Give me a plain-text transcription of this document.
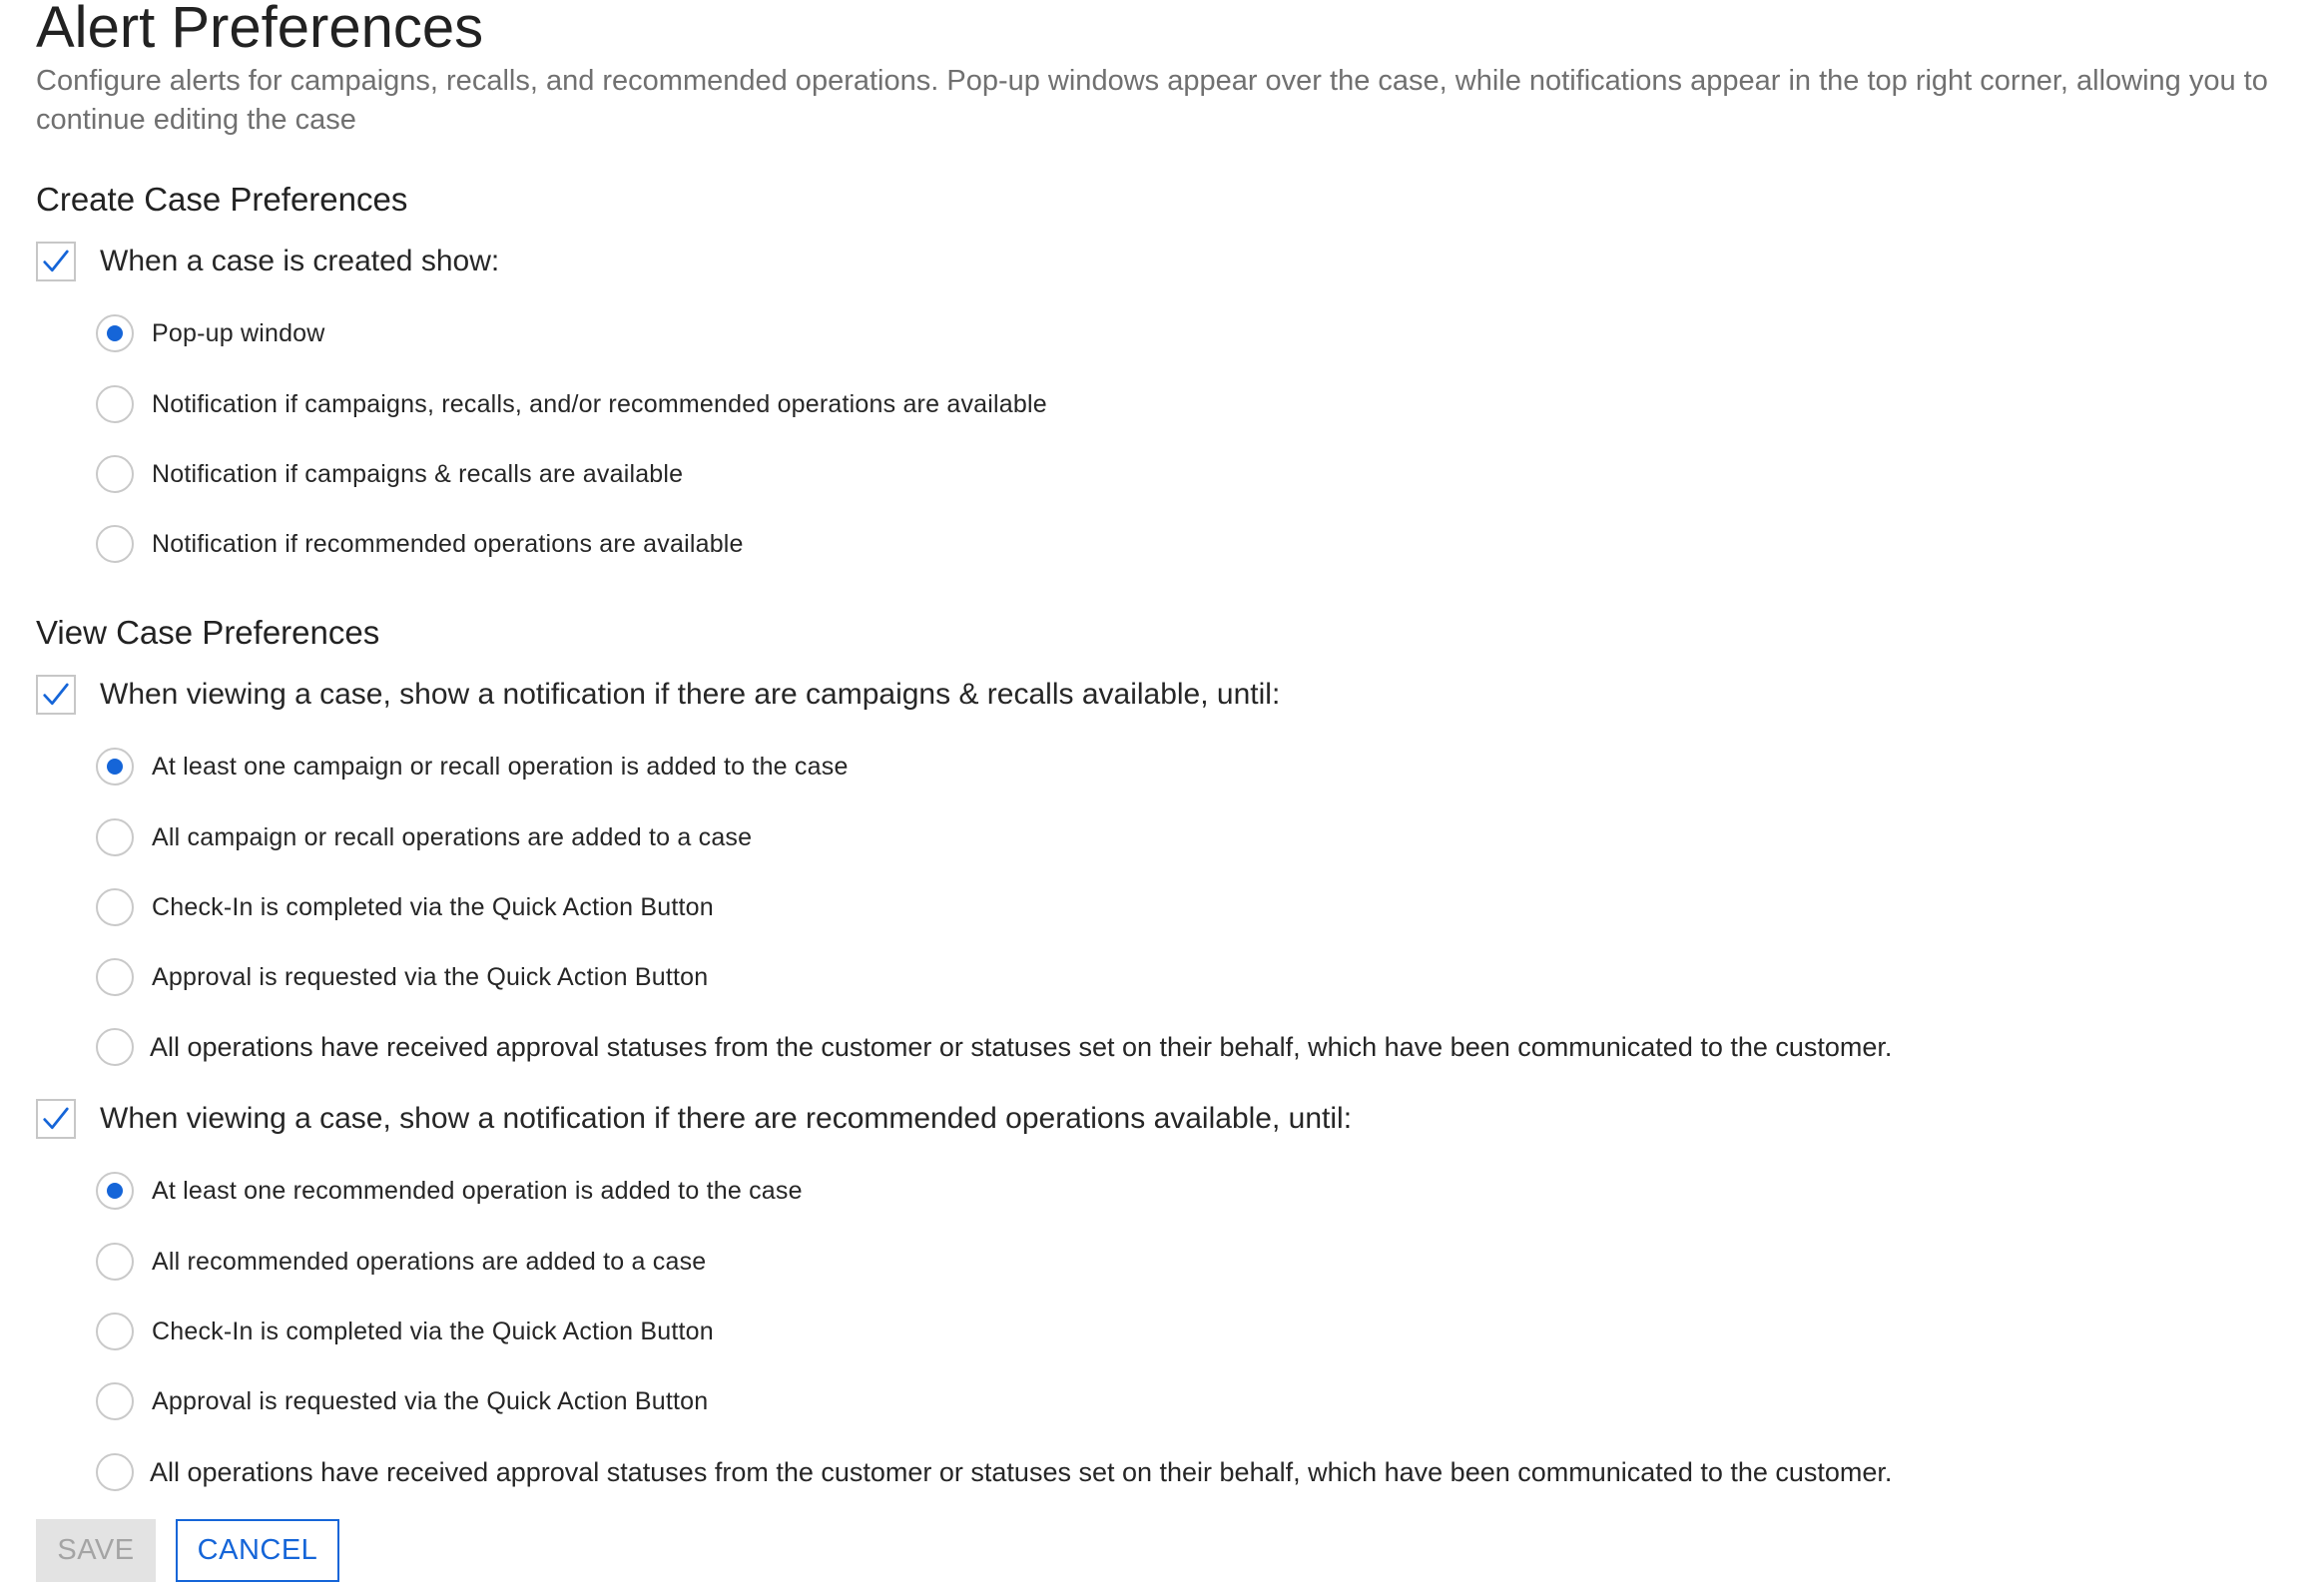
Alert Preferences
Configure alerts for campaigns, recalls, and recommended operations. Pop-up windows appear over the case, while notifications appear in the top right corner, allowing you to continue editing the case
Create Case Preferences
When a case is created show:
Pop-up window
Notification if campaigns, recalls, and/or recommended operations are available
Notification if campaigns & recalls are available
Notification if recommended operations are available
View Case Preferences
When viewing a case, show a notification if there are campaigns & recalls available, until:
At least one campaign or recall operation is added to the case
All campaign or recall operations are added to a case
Check-In is completed via the Quick Action Button
Approval is requested via the Quick Action Button
All operations have received approval statuses from the customer or statuses set on their behalf, which have been communicated to the customer.
When viewing a case, show a notification if there are recommended operations available, until:
At least one recommended operation is added to the case
All recommended operations are added to a case
Check-In is completed via the Quick Action Button
Approval is requested via the Quick Action Button
All operations have received approval statuses from the customer or statuses set on their behalf, which have been communicated to the customer.
SAVE	CANCEL
